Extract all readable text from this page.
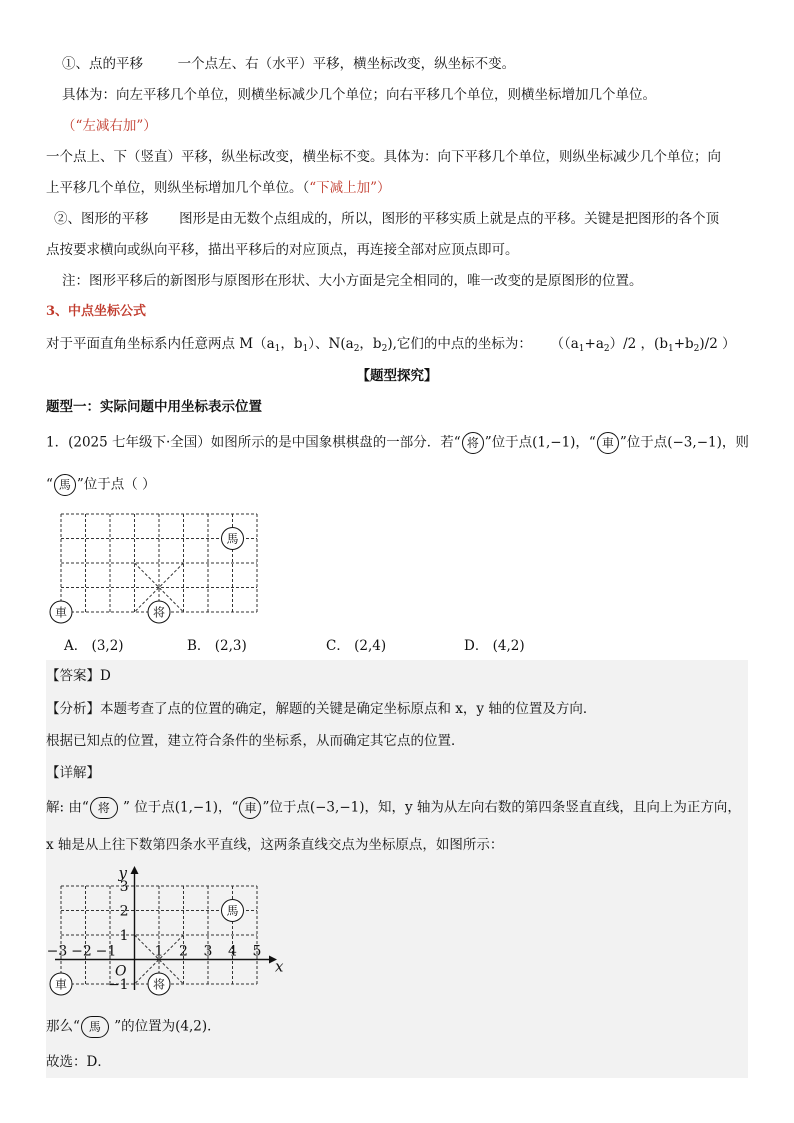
①、点的平移	一个点左、右（水平）平移，横坐标改变，纵坐标不变。
具体为：向左平移几个单位，则横坐标减少几个单位；向右平移几个单位，则横坐标增加几个单位。
（“左减右加”）
一个点上、下（竖直）平移，纵坐标改变，横坐标不变。具体为：向下平移几个单位，则纵坐标减少几个单位；向
上平移几个单位，则纵坐标增加几个单位。（“下减上加”）
②、图形的平移 图形是由无数个点组成的，所以，图形的平移实质上就是点的平移。关键是把图形的各个顶
点按要求横向或纵向平移，描出平移后的对应顶点，再连接全部对应顶点即可。
注：图形平移后的新图形与原图形在形状、大小方面是完全相同的，唯一改变的是原图形的位置。
3、中点坐标公式
对于平面直角坐标系内任意两点 $M(a_1$，$b_1$）、$N(a_2$，$b_2$),它们的中点的坐标为： （$(a_1+a_2)/2$ ，$(b_1+b_2)/2$ ）
【题型探究】
题型一：实际问题中用坐标表示位置
1．(2025 七年级下·全国）如图所示的是中国象棋棋盘的一部分．若“ 将 ”位于点(1,−1)，“ 車 ”位于点(−3,−1)，则
“ 馬 ”位于点（ ）
将
車
馬
A． (3,2)	B． (2,3)	C． (2,4)	D． (4,2)
【答案】D
【分析】本题考查了点的位置的确定，解题的关键是确定坐标原点和 x，y 轴的位置及方向．
根据已知点的位置，建立符合条件的坐标系，从而确定其它点的位置．
【详解】
解: 由“ 将 ” 位于点(1,−1)，“ 車 ”位于点(−3,−1)，知，y 轴为从左向右数的第四条竖直直线，且向上为正方向，
x 轴是从上往下数第四条水平直线，这两条直线交点为坐标原点，如图所示：
−3 −2 −1	1 2 3 4 5
3
2
1
−1
O	x
y
将
車
馬
那么“ 馬 ”的位置为(4,2)．
故选：D．
